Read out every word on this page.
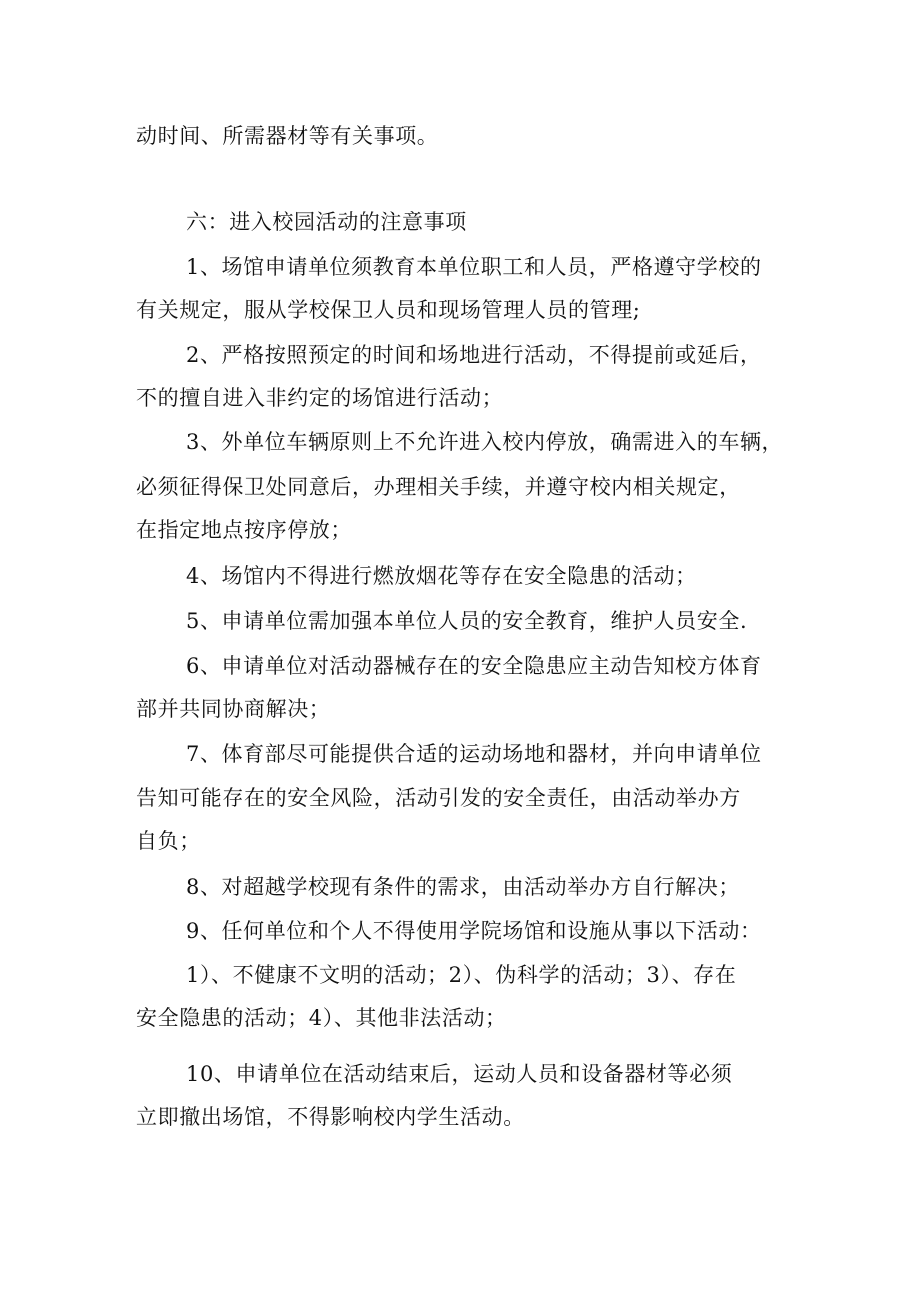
动时间、所需器材等有关事项。
六：进入校园活动的注意事项
1、场馆申请单位须教育本单位职工和人员，严格遵守学校的
有关规定，服从学校保卫人员和现场管理人员的管理;
2、严格按照预定的时间和场地进行活动，不得提前或延后，
不的擅自进入非约定的场馆进行活动；
3、外单位车辆原则上不允许进入校内停放，确需进入的车辆，
必须征得保卫处同意后，办理相关手续，并遵守校内相关规定，
在指定地点按序停放；
4、场馆内不得进行燃放烟花等存在安全隐患的活动；
5、申请单位需加强本单位人员的安全教育，维护人员安全.
6、申请单位对活动器械存在的安全隐患应主动告知校方体育
部并共同协商解决；
7、体育部尽可能提供合适的运动场地和器材，并向申请单位
告知可能存在的安全风险，活动引发的安全责任，由活动举办方
自负；
8、对超越学校现有条件的需求，由活动举办方自行解决；
9、任何单位和个人不得使用学院场馆和设施从事以下活动：
1）、不健康不文明的活动；2）、伪科学的活动；3）、存在
安全隐患的活动；4）、其他非法活动；
10、申请单位在活动结束后，运动人员和设备器材等必须
立即撤出场馆，不得影响校内学生活动。
